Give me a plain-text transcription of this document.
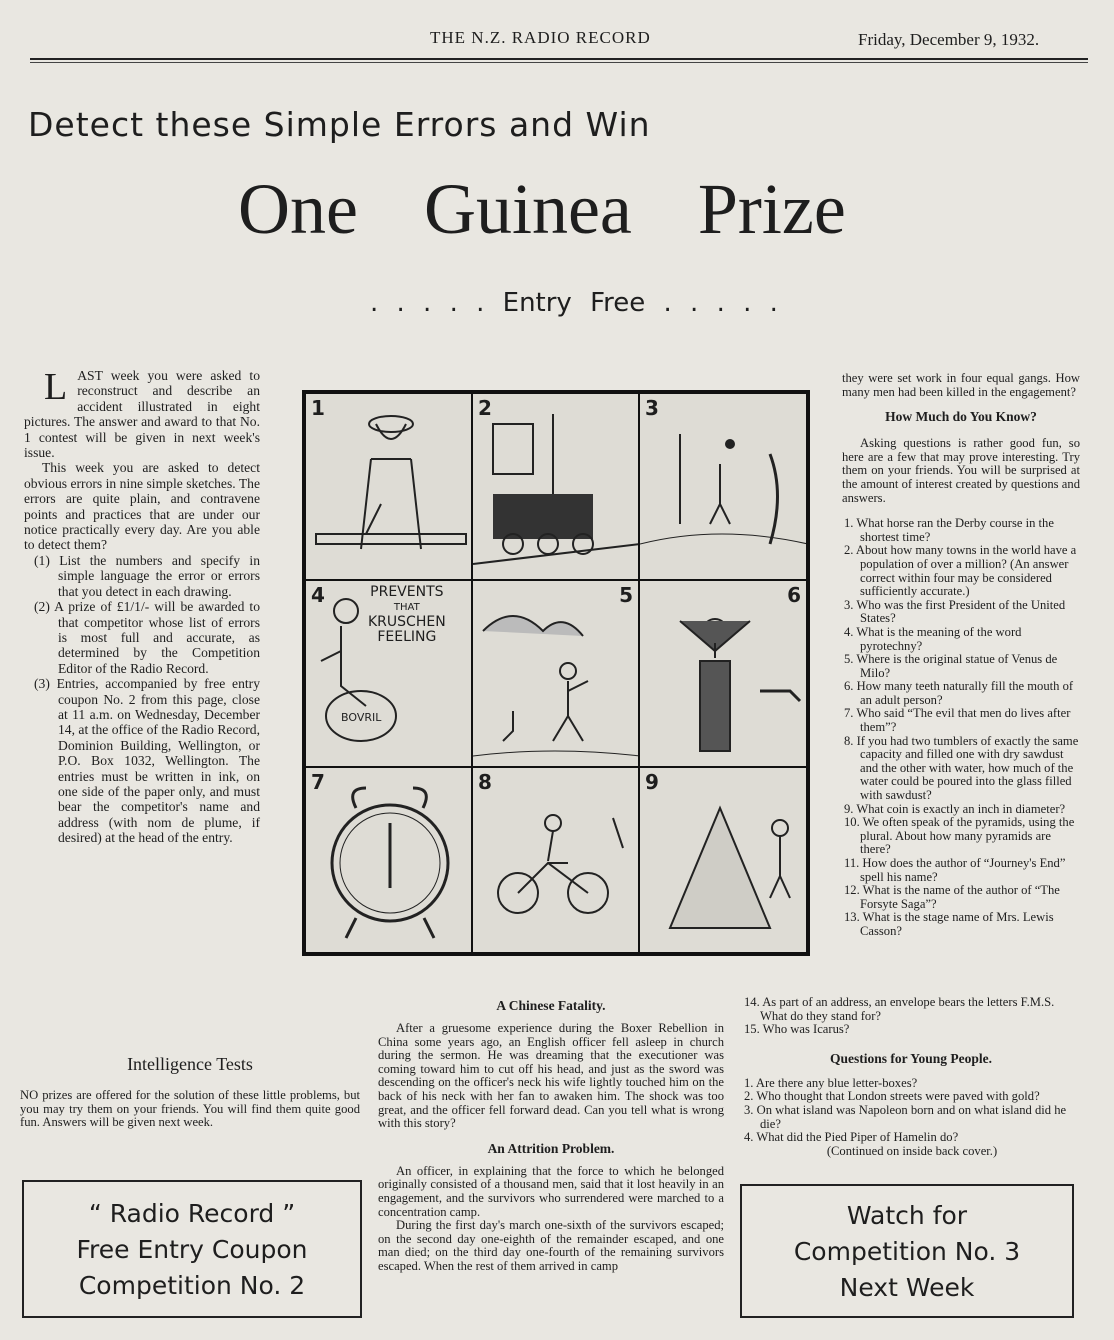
THE N.Z. RADIO RECORD	Friday, December 9, 1932.
Detect these Simple Errors and Win
One Guinea Prize
. . . . . Entry Free . . . . .

LAST week you were asked to reconstruct and describe an accident illustrated in eight pictures. The answer and award to that No. 1 contest will be given in next week's issue.

This week you are asked to detect obvious errors in nine simple sketches. The errors are quite plain, and contravene points and practices that are under our notice practically every day. Are you able to detect them?

(1) List the numbers and specify in simple language the error or errors that you detect in each drawing.

(2) A prize of £1/1/- will be awarded to that competitor whose list of errors is most full and accurate, as determined by the Competition Editor of the Radio Record.

(3) Entries, accompanied by free entry coupon No. 2 from this page, close at 11 a.m. on Wednesday, December 14, at the office of the Radio Record, Dominion Building, Wellington, or P.O. Box 1032, Wellington. The entries must be written in ink, on one side of the paper only, and must bear the competitor's name and address (with nom de plume, if desired) at the head of the entry.

Intelligence Tests

NO prizes are offered for the solution of these little problems, but you may try them on your friends. You will find them quite good fun. Answers will be given next week.

“ Radio Record ”
Free Entry Coupon
Competition No. 2
1	2	3
4	PREVENTS
THAT
KRUSCHEN
FEELING
BOVRIL
5	6
7	8	9
A Chinese Fatality.

After a gruesome experience during the Boxer Rebellion in China some years ago, an English officer fell asleep in church during the sermon. He was dreaming that the executioner was coming toward him to cut off his head, and just as the sword was descending on the officer's neck his wife lightly touched him on the back of his neck with her fan to awaken him. The shock was too great, and the officer fell forward dead. Can you tell what is wrong with this story?

An Attrition Problem.

An officer, in explaining that the force to which he belonged originally consisted of a thousand men, said that it lost heavily in an engagement, and the survivors who surrendered were marched to a concentration camp.

During the first day's march one-sixth of the survivors escaped; on the second day one-eighth of the remainder escaped, and one man died; on the third day one-fourth of the remaining survivors escaped. When the rest of them arrived in camp

they were set work in four equal gangs. How many men had been killed in the engagement?

How Much do You Know?

Asking questions is rather good fun, so here are a few that may prove interesting. Try them on your friends. You will be surprised at the amount of interest created by questions and answers.

1. What horse ran the Derby course in the shortest time?

2. About how many towns in the world have a population of over a million? (An answer correct within four may be considered sufficiently accurate.)

3. Who was the first President of the United States?

4. What is the meaning of the word pyrotechny?

5. Where is the original statue of Venus de Milo?

6. How many teeth naturally fill the mouth of an adult person?

7. Who said “The evil that men do lives after them”?

8. If you had two tumblers of exactly the same capacity and filled one with dry sawdust and the other with water, how much of the water could be poured into the glass filled with sawdust?

9. What coin is exactly an inch in diameter?

10. We often speak of the pyramids, using the plural. About how many pyramids are there?

11. How does the author of “Journey's End” spell his name?

12. What is the name of the author of “The Forsyte Saga”?

13. What is the stage name of Mrs. Lewis Casson?

14. As part of an address, an envelope bears the letters F.M.S. What do they stand for?

15. Who was Icarus?

Questions for Young People.

1. Are there any blue letter-boxes?

2. Who thought that London streets were paved with gold?

3. On what island was Napoleon born and on what island did he die?

4. What did the Pied Piper of Hamelin do?

(Continued on inside back cover.)

Watch for
Competition No. 3
Next Week
